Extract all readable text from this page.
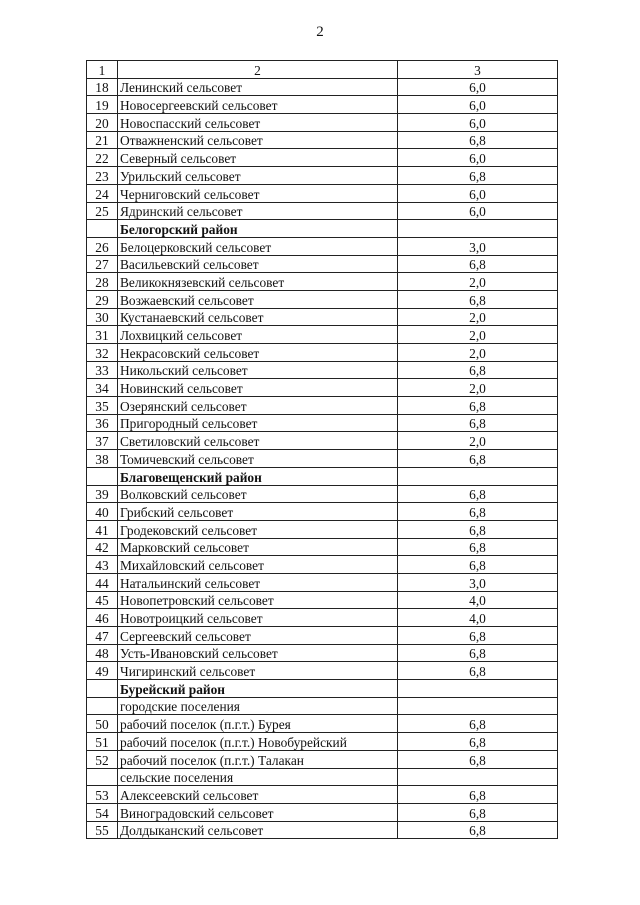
2
1	2	3
18	Ленинский сельсовет	6,0
19	Новосергеевский сельсовет	6,0
20	Новоспасский сельсовет	6,0
21	Отважненский сельсовет	6,8
22	Северный сельсовет	6,0
23	Урильский сельсовет	6,8
24	Черниговский сельсовет	6,0
25	Ядринский сельсовет	6,0
	Белогорский район	
26	Белоцерковский сельсовет	3,0
27	Васильевский сельсовет	6,8
28	Великокнязевский сельсовет	2,0
29	Возжаевский сельсовет	6,8
30	Кустанаевский сельсовет	2,0
31	Лохвицкий сельсовет	2,0
32	Некрасовский сельсовет	2,0
33	Никольский сельсовет	6,8
34	Новинский сельсовет	2,0
35	Озерянский сельсовет	6,8
36	Пригородный сельсовет	6,8
37	Светиловский сельсовет	2,0
38	Томичевский сельсовет	6,8
	Благовещенский район	
39	Волковский сельсовет	6,8
40	Грибский сельсовет	6,8
41	Гродековский сельсовет	6,8
42	Марковский сельсовет	6,8
43	Михайловский сельсовет	6,8
44	Натальинский сельсовет	3,0
45	Новопетровский сельсовет	4,0
46	Новотроицкий сельсовет	4,0
47	Сергеевский сельсовет	6,8
48	Усть-Ивановский сельсовет	6,8
49	Чигиринский сельсовет	6,8
	Бурейский район	
	городские поселения	
50	рабочий поселок (п.г.т.) Бурея	6,8
51	рабочий поселок (п.г.т.) Новобурейский	6,8
52	рабочий поселок (п.г.т.) Талакан	6,8
	сельские поселения	
53	Алексеевский сельсовет	6,8
54	Виноградовский сельсовет	6,8
55	Долдыканский сельсовет	6,8
